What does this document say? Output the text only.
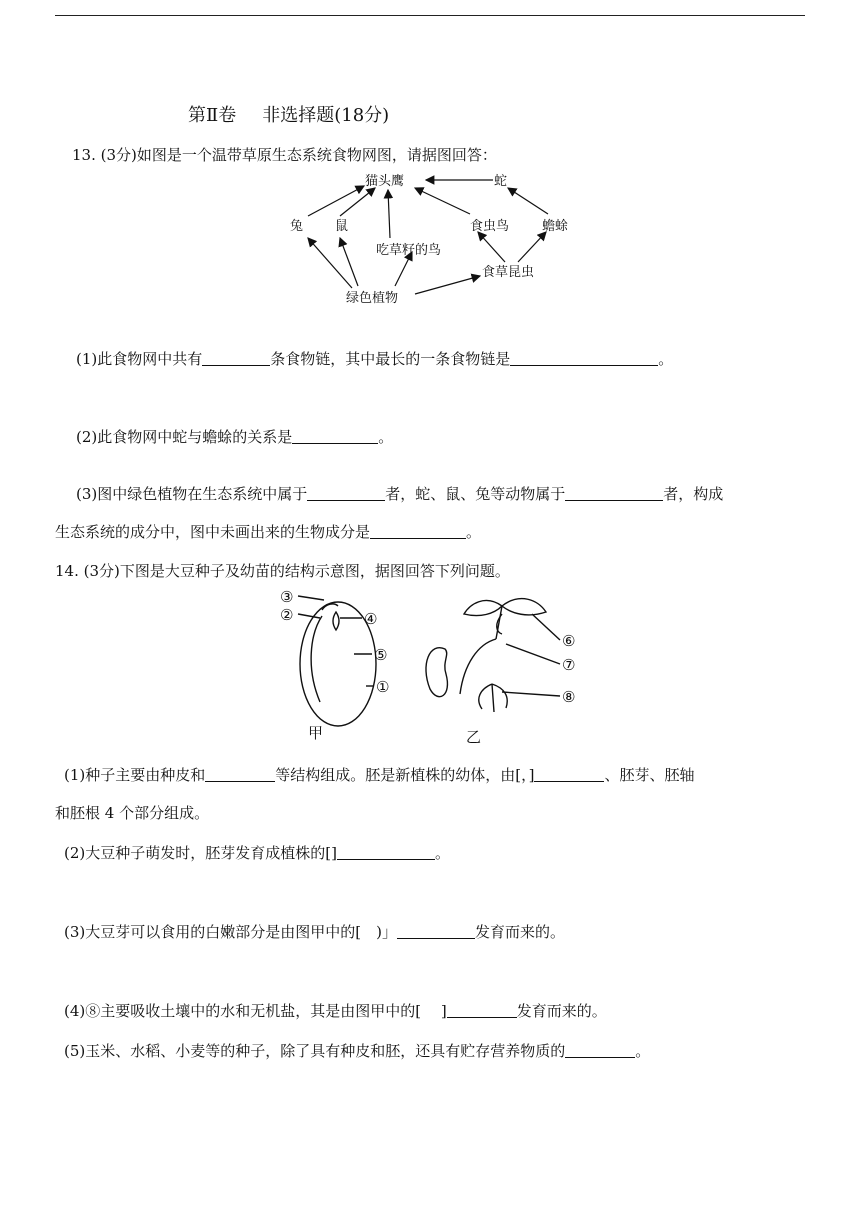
第Ⅱ卷 非选择题(18分)
13. (3分)如图是一个温带草原生态系统食物网图，请据图回答：
猫头鹰	蛇
兔 鼠
吃草籽的鸟
食虫鸟	蟾蜍
食草昆虫
绿色植物
(1)此食物网中共有	条食物链，其中最长的一条食物链是	。
(2)此食物网中蛇与蟾蜍的关系是	。
(3)图中绿色植物在生态系统中属于	者，蛇、鼠、兔等动物属于	者，构成
生态系统的成分中，图中未画出来的生物成分是	。
14. (3分)下图是大豆种子及幼苗的结构示意图，据图回答下列问题。
③
②	④
⑤
①
⑥
⑦
⑧
甲	乙
(1)种子主要由种皮和	等结构组成。胚是新植株的幼体，由[，]	、胚芽、胚轴
和胚根 4 个部分组成。
(2)大豆种子萌发时，胚芽发育成植株的[]	。
(3)大豆芽可以食用的白嫩部分是由图甲中的[　)」	发育而来的。
(4)⑧主要吸收土壤中的水和无机盐，其是由图甲中的[　 ]	发育而来的。
(5)玉米、水稻、小麦等的种子，除了具有种皮和胚，还具有贮存营养物质的	。
